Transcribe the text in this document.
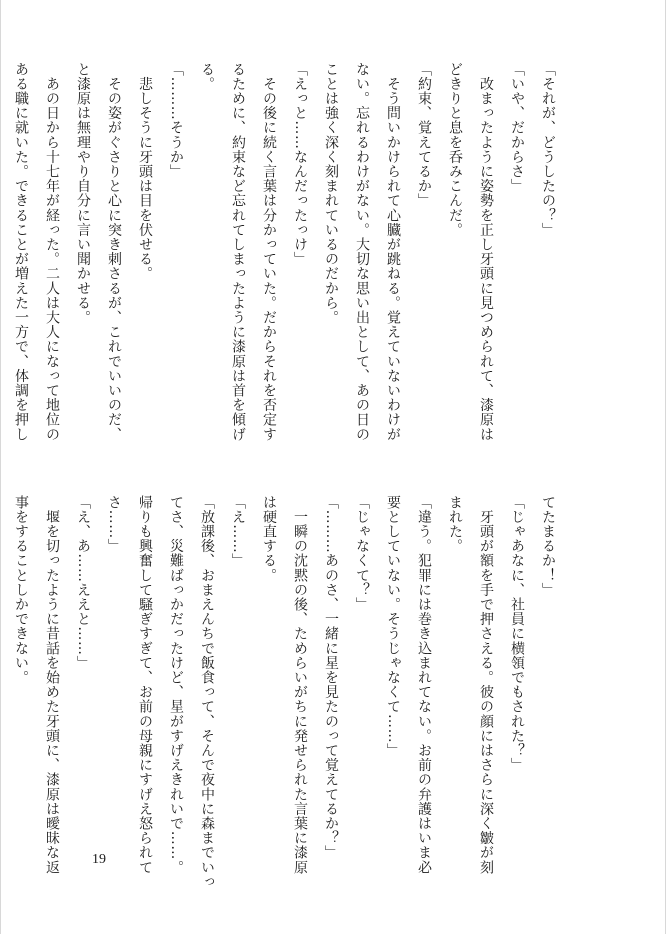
「それが、どうしたの？」
「いや、だからさ」
　改まったように姿勢を正し牙頭に見つめられて、漆原は
どきりと息を呑みこんだ。
「約束、覚えてるか」
　そう問いかけられて心臓が跳ねる。覚えていないわけが
ない。忘れるわけがない。大切な思い出として、あの日の
ことは強く深く刻まれているのだから。
「えっと……なんだったっけ」
　その後に続く言葉は分かっていた。だからそれを否定す
るために、約束など忘れてしまったように漆原は首を傾げ
る。
「………そうか」
　悲しそうに牙頭は目を伏せる。
　その姿がぐさりと心に突き刺さるが、これでいいのだ、
と漆原は無理やり自分に言い聞かせる。
　あの日から十七年が経った。二人は大人になって地位の
ある職に就いた。できることが増えた一方で、体調を押し
てたまるか！」
「じゃあなに、社員に横領でもされた？」
　牙頭が額を手で押さえる。彼の顔にはさらに深く皺が刻
まれた。
「違う。犯罪には巻き込まれてない。お前の弁護はいま必
要としていない。そうじゃなくて……」
「じゃなくて？」
「………あのさ、一緒に星を見たのって覚えてるか？」
　一瞬の沈黙の後、ためらいがちに発せられた言葉に漆原
は硬直する。
「え……」
「放課後、おまえんちで飯食って、そんで夜中に森までいっ
てさ、災難ばっかだったけど、星がすげえきれいで……。
帰りも興奮して騒ぎすぎて、お前の母親にすげえ怒られて
さ……」
「え、あ……ええと……」
　堰を切ったように昔話を始めた牙頭に、漆原は曖昧な返
事をすることしかできない。
19
